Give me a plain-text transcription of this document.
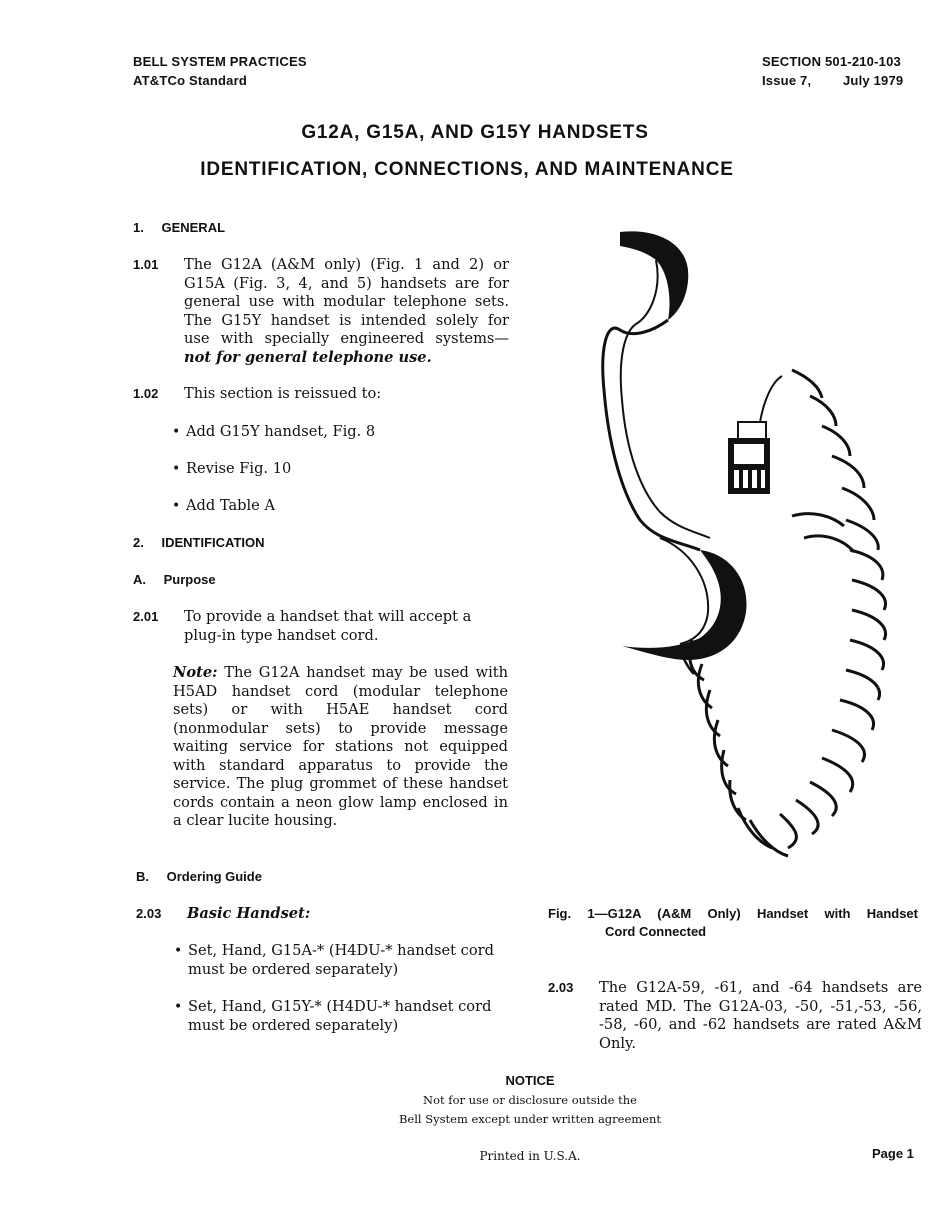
BELL SYSTEM PRACTICES
AT&TCo Standard
SECTION 501-210-103
Issue 7, July 1979
G12A, G15A, AND G15Y HANDSETS
IDENTIFICATION, CONNECTIONS, AND MAINTENANCE
1. GENERAL
1.01 The G12A (A&M only) (Fig. 1 and 2) or G15A (Fig. 3, 4, and 5) handsets are for general use with modular telephone sets. The G15Y handset is intended solely for use with specially engineered systems—not for general telephone use.
1.02 This section is reissued to:
• Add G15Y handset, Fig. 8
• Revise Fig. 10
• Add Table A
2. IDENTIFICATION
A. Purpose
2.01 To provide a handset that will accept a plug-in type handset cord.
Note: The G12A handset may be used with H5AD handset cord (modular telephone sets) or with H5AE handset cord (nonmodular sets) to provide message waiting service for stations not equipped with standard apparatus to provide the service. The plug grommet of these handset cords contain a neon glow lamp enclosed in a clear lucite housing.
B. Ordering Guide
2.03 Basic Handset:
• Set, Hand, G15A-* (H4DU-* handset cord must be ordered separately)
• Set, Hand, G15Y-* (H4DU-* handset cord must be ordered separately)
Fig. 1—G12A (A&M Only) Handset with Handset
Cord Connected
2.03 The G12A-59, -61, and -64 handsets are rated MD. The G12A-03, -50, -51,-53, -56, -58, -60, and -62 handsets are rated A&M Only.
NOTICE
Not for use or disclosure outside the
Bell System except under written agreement
Printed in U.S.A.	Page 1
